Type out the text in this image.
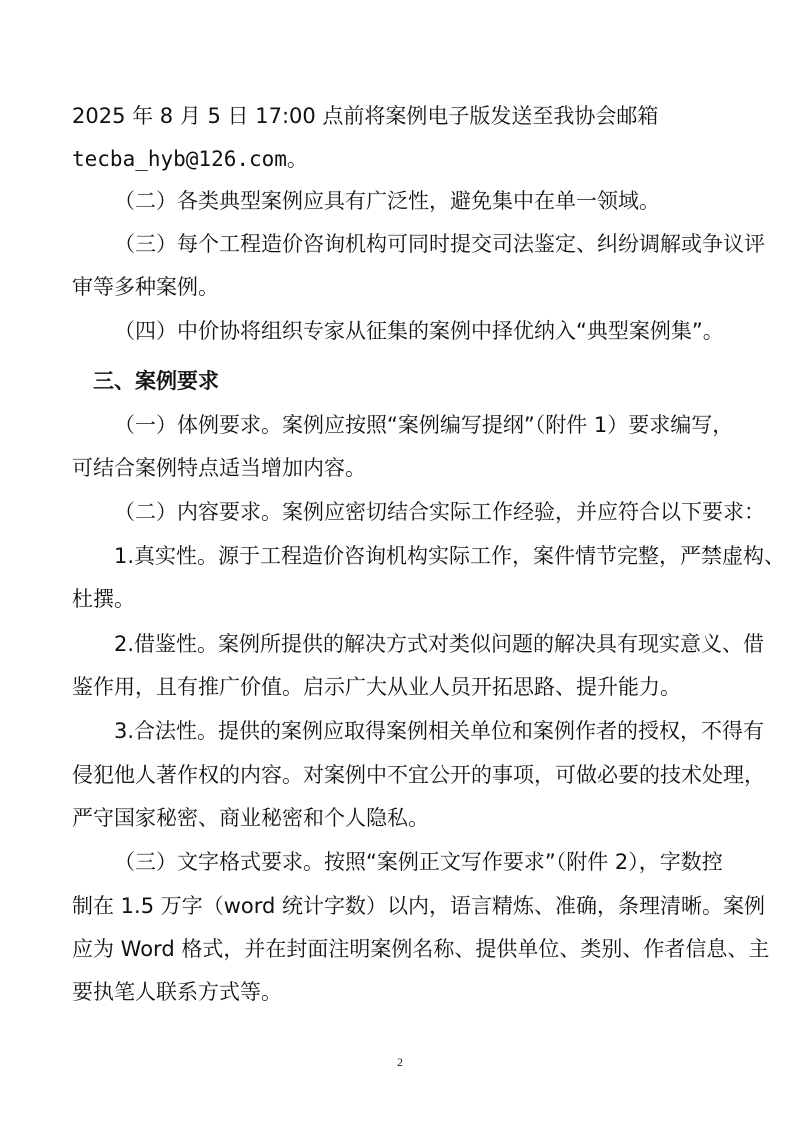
2025 年 8 月 5 日 17:00 点前将案例电子版发送至我协会邮箱
tecba_hyb@126.com。
（二）各类典型案例应具有广泛性，避免集中在单一领域。
（三）每个工程造价咨询机构可同时提交司法鉴定、纠纷调解或争议评
审等多种案例。
（四）中价协将组织专家从征集的案例中择优纳入“典型案例集”。
三、案例要求
（一）体例要求。案例应按照“案例编写提纲”（附件 1）要求编写，
可结合案例特点适当增加内容。
（二）内容要求。案例应密切结合实际工作经验，并应符合以下要求：
1.真实性。源于工程造价咨询机构实际工作，案件情节完整，严禁虚构、
杜撰。
2.借鉴性。案例所提供的解决方式对类似问题的解决具有现实意义、借
鉴作用，且有推广价值。启示广大从业人员开拓思路、提升能力。
3.合法性。提供的案例应取得案例相关单位和案例作者的授权，不得有
侵犯他人著作权的内容。对案例中不宜公开的事项，可做必要的技术处理，
严守国家秘密、商业秘密和个人隐私。
（三）文字格式要求。按照“案例正文写作要求”（附件 2），字数控
制在 1.5 万字（word 统计字数）以内，语言精炼、准确，条理清晰。案例
应为 Word 格式，并在封面注明案例名称、提供单位、类别、作者信息、主
要执笔人联系方式等。
2
